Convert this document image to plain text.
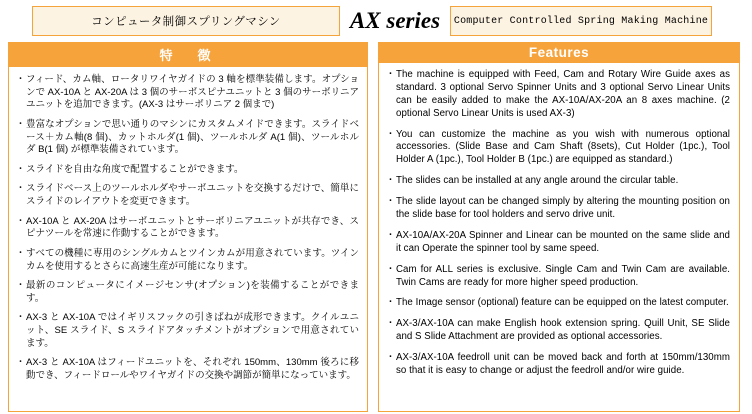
コンピュータ制御スプリングマシン	AX series	Computer Controlled Spring Making Machine
特　徴
・ フィード、カム軸、ロータリワイヤガイドの 3 軸を標準装備します。オプションで AX-10A と AX-20A は 3 個のサーボスピナユニットと 3 個のサーボリニアユニットを追加できます。(AX-3 はサーボリニア 2 個まで)
・ 豊富なオプションで思い通りのマシンにカスタムメイドできます。スライドベース＋カム軸(8 個)、カットホルダ(1 個)、ツールホルダ A(1 個)、ツールホルダ B(1 個) が標準装備されています。
・ スライドを自由な角度で配置することができます。
・ スライドベース上のツールホルダやサーボユニットを交換するだけで、簡単にスライドのレイアウトを変更できます。
・ AX-10A と AX-20A はサーボユニットとサーボリニアユニットが共存でき、スピナツールを常速に作動することができます。
・ すべての機種に専用のシングルカムとツインカムが用意されています。ツインカムを使用するとさらに高速生産が可能になります。
・ 最新のコンピュータにイメージセンサ(オプション)を装備することができます。
・ AX-3 と AX-10A ではイギリスフックの引きばねが成形できます。クイルユニット、SE スライド、S スライドアタッチメントがオプションで用意されています。
・ AX-3 と AX-10A はフィードユニットを、それぞれ 150mm、130mm 後ろに移動でき、フィードロールやワイヤガイドの交換や調節が簡単になっています。
Features
・ The machine is equipped with Feed, Cam and Rotary Wire Guide axes as standard. 3 optional Servo Spinner Units and 3 optional Servo Linear Units can be easily added to make the AX-10A/AX-20A an 8 axes machine. (2 optional Servo Linear Units is used AX-3)
・ You can customize the machine as you wish with numerous optional accessories. (Slide Base and Cam Shaft (8sets), Cut Holder (1pc.), Tool Holder A (1pc.), Tool Holder B (1pc.) are equipped as standard.)
・ The slides can be installed at any angle around the circular table.
・ The slide layout can be changed simply by altering the mounting position on the slide base for tool holders and servo drive unit.
・ AX-10A/AX-20A Spinner and Linear can be mounted on the same slide and it can Operate the spinner tool by same speed.
・ Cam for ALL series is exclusive. Single Cam and Twin Cam are available. Twin Cams are ready for more higher speed production.
・ The Image sensor (optional) feature can be equipped on the latest computer.
・ AX-3/AX-10A can make English hook extension spring. Quill Unit, SE Slide and S Slide Attachment are provided as optional accessories.
・ AX-3/AX-10A feedroll unit can be moved back and forth at 150mm/130mm so that it is easy to change or adjust the feedroll and/or wire guide.
